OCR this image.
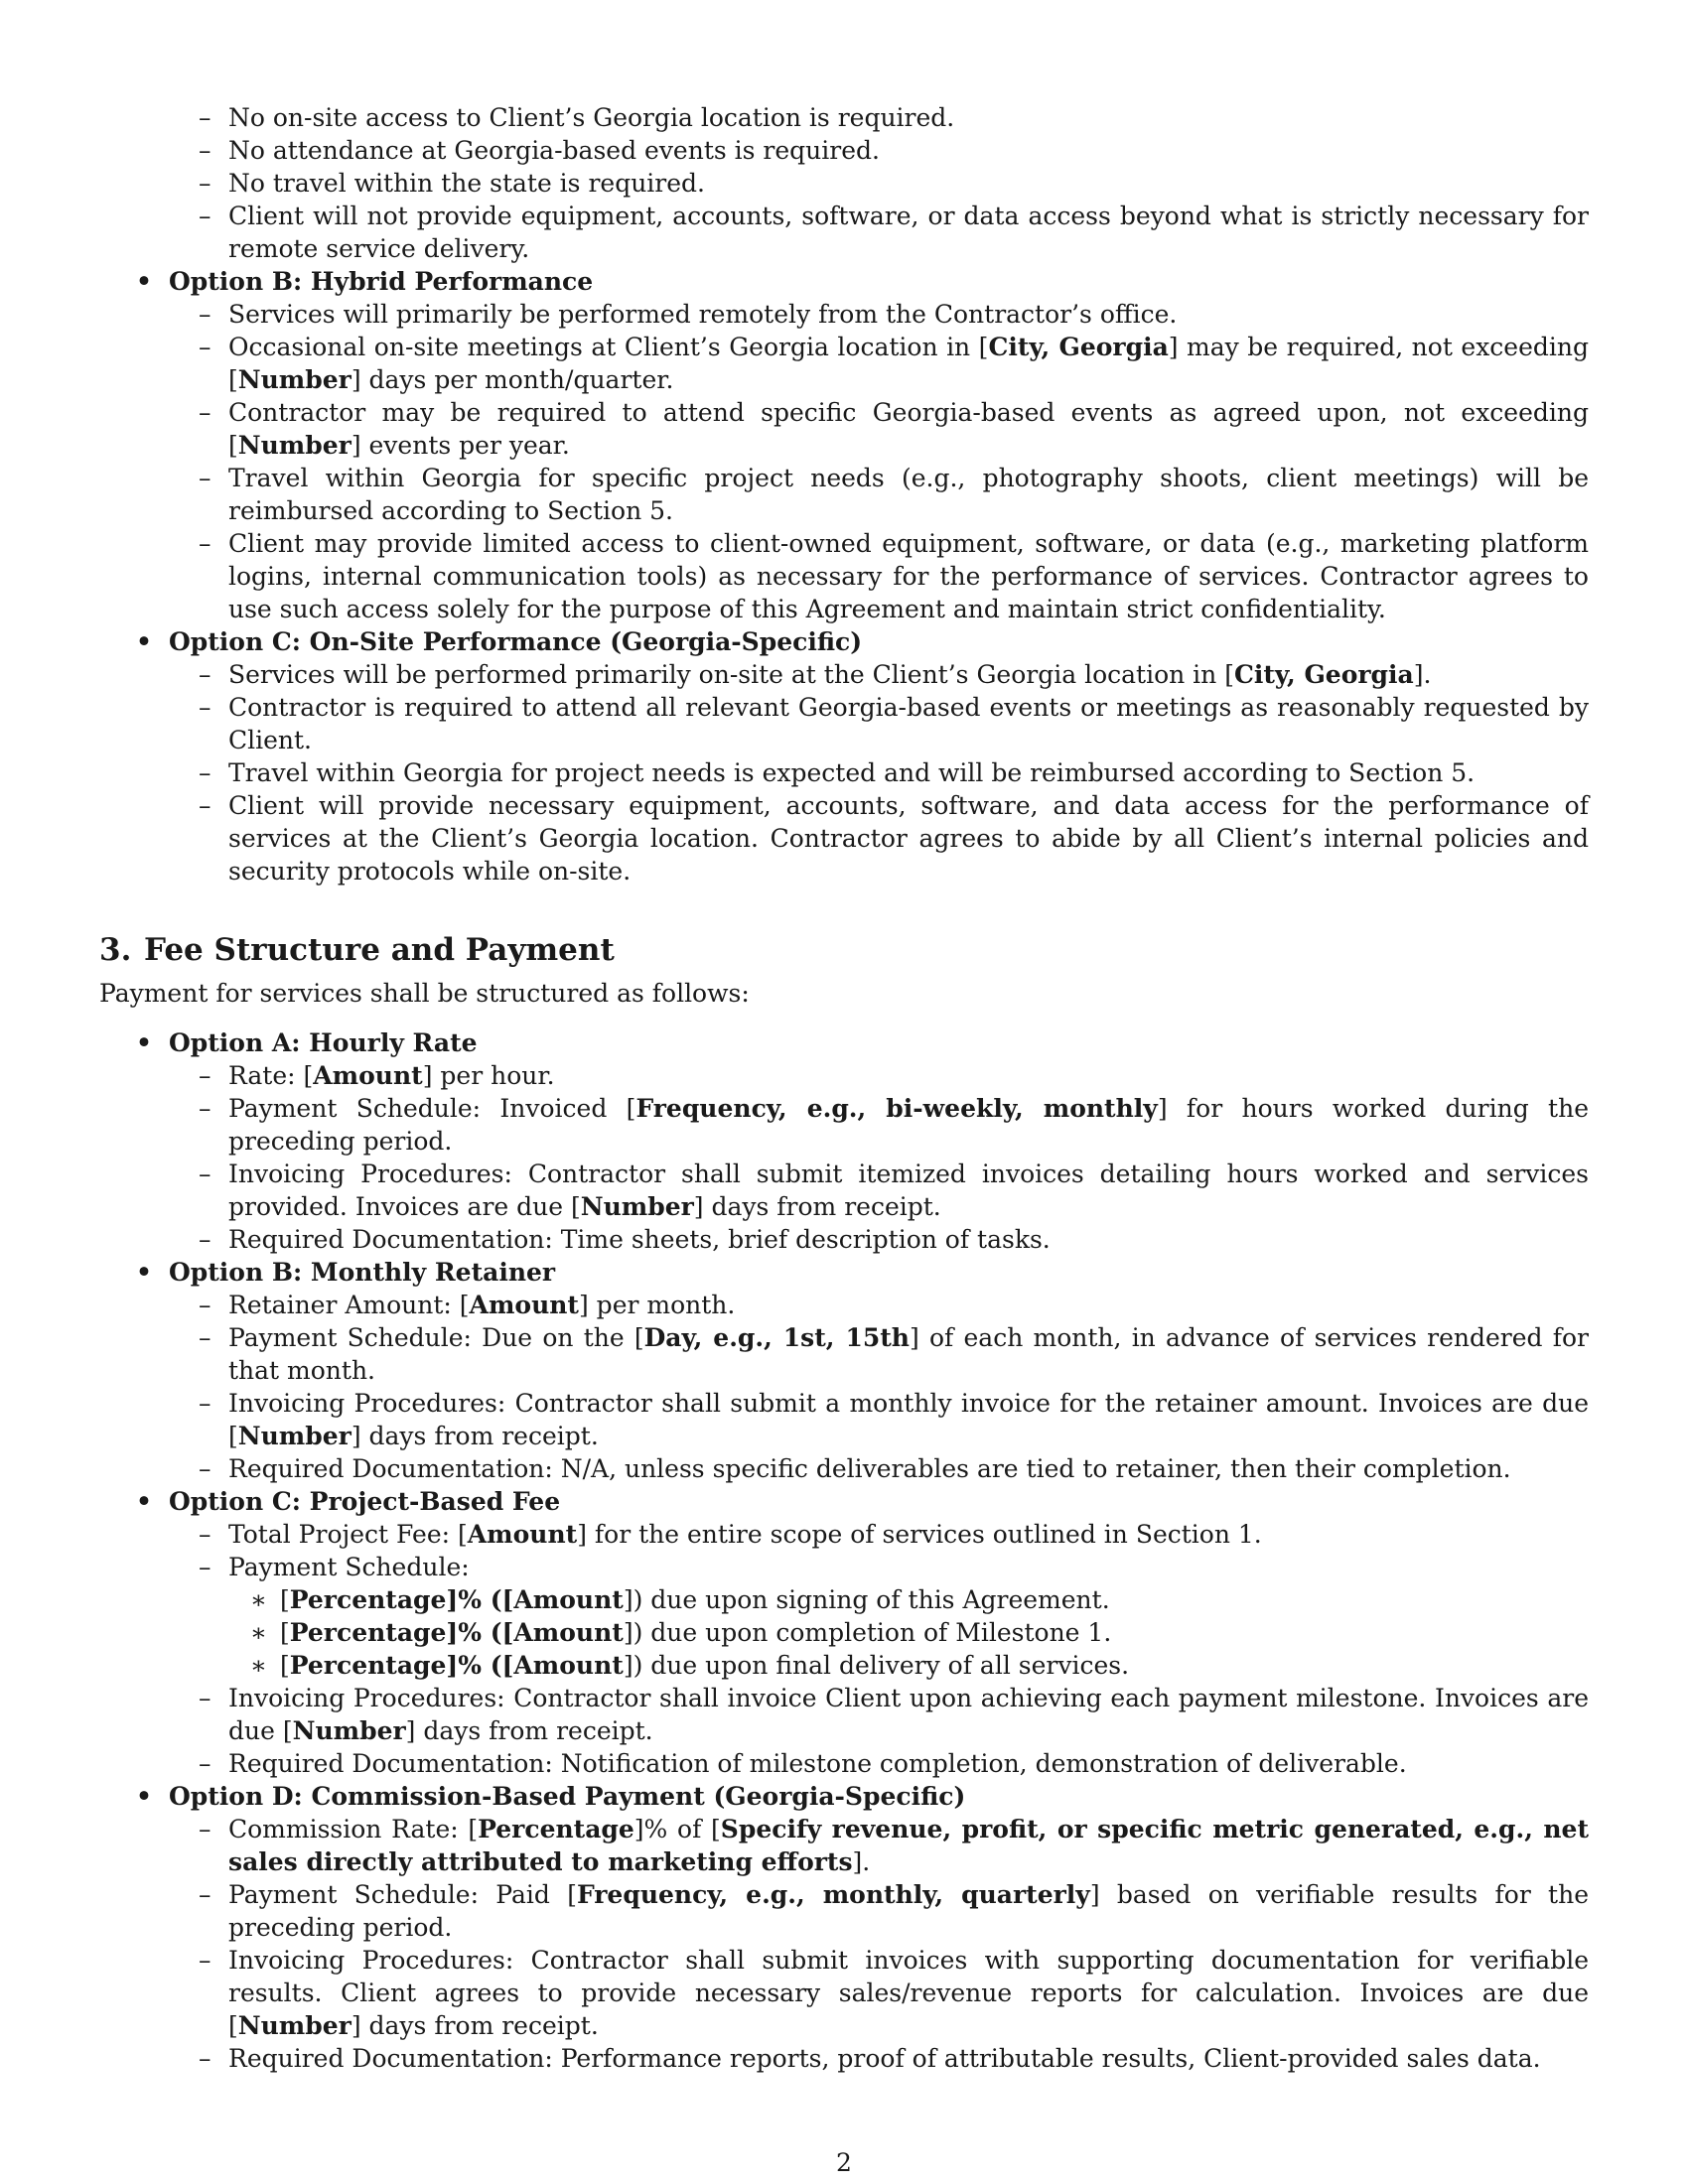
– No on-site access to Client’s Georgia location is required.
– No attendance at Georgia-based events is required.
– No travel within the state is required.
– Client will not provide equipment, accounts, software, or data access beyond what is strictly necessary for remote service delivery.
• Option B: Hybrid Performance
– Services will primarily be performed remotely from the Contractor’s office.
– Occasional on-site meetings at Client’s Georgia location in [City, Georgia] may be required, not exceeding [Number] days per month/quarter.
– Contractor may be required to attend specific Georgia-based events as agreed upon, not exceeding [Number] events per year.
– Travel within Georgia for specific project needs (e.g., photography shoots, client meetings) will be reimbursed according to Section 5.
– Client may provide limited access to client-owned equipment, software, or data (e.g., marketing platform logins, internal communication tools) as necessary for the performance of services. Contractor agrees to use such access solely for the purpose of this Agreement and maintain strict confidentiality.
• Option C: On-Site Performance (Georgia-Specific)
– Services will be performed primarily on-site at the Client’s Georgia location in [City, Georgia].
– Contractor is required to attend all relevant Georgia-based events or meetings as reasonably requested by Client.
– Travel within Georgia for project needs is expected and will be reimbursed according to Section 5.
– Client will provide necessary equipment, accounts, software, and data access for the performance of services at the Client’s Georgia location. Contractor agrees to abide by all Client’s internal policies and security protocols while on-site.
3. Fee Structure and Payment
Payment for services shall be structured as follows:
• Option A: Hourly Rate
– Rate: [Amount] per hour.
– Payment Schedule: Invoiced [Frequency, e.g., bi-weekly, monthly] for hours worked during the preceding period.
– Invoicing Procedures: Contractor shall submit itemized invoices detailing hours worked and services provided. Invoices are due [Number] days from receipt.
– Required Documentation: Time sheets, brief description of tasks.
• Option B: Monthly Retainer
– Retainer Amount: [Amount] per month.
– Payment Schedule: Due on the [Day, e.g., 1st, 15th] of each month, in advance of services rendered for that month.
– Invoicing Procedures: Contractor shall submit a monthly invoice for the retainer amount. Invoices are due [Number] days from receipt.
– Required Documentation: N/A, unless specific deliverables are tied to retainer, then their completion.
• Option C: Project-Based Fee
– Total Project Fee: [Amount] for the entire scope of services outlined in Section 1.
– Payment Schedule:
∗ [Percentage]% ([Amount]) due upon signing of this Agreement.
∗ [Percentage]% ([Amount]) due upon completion of Milestone 1.
∗ [Percentage]% ([Amount]) due upon final delivery of all services.
– Invoicing Procedures: Contractor shall invoice Client upon achieving each payment milestone. Invoices are due [Number] days from receipt.
– Required Documentation: Notification of milestone completion, demonstration of deliverable.
• Option D: Commission-Based Payment (Georgia-Specific)
– Commission Rate: [Percentage]% of [Specify revenue, profit, or specific metric generated, e.g., net sales directly attributed to marketing efforts].
– Payment Schedule: Paid [Frequency, e.g., monthly, quarterly] based on verifiable results for the preceding period.
– Invoicing Procedures: Contractor shall submit invoices with supporting documentation for verifiable results. Client agrees to provide necessary sales/revenue reports for calculation. Invoices are due [Number] days from receipt.
– Required Documentation: Performance reports, proof of attributable results, Client-provided sales data.
2
